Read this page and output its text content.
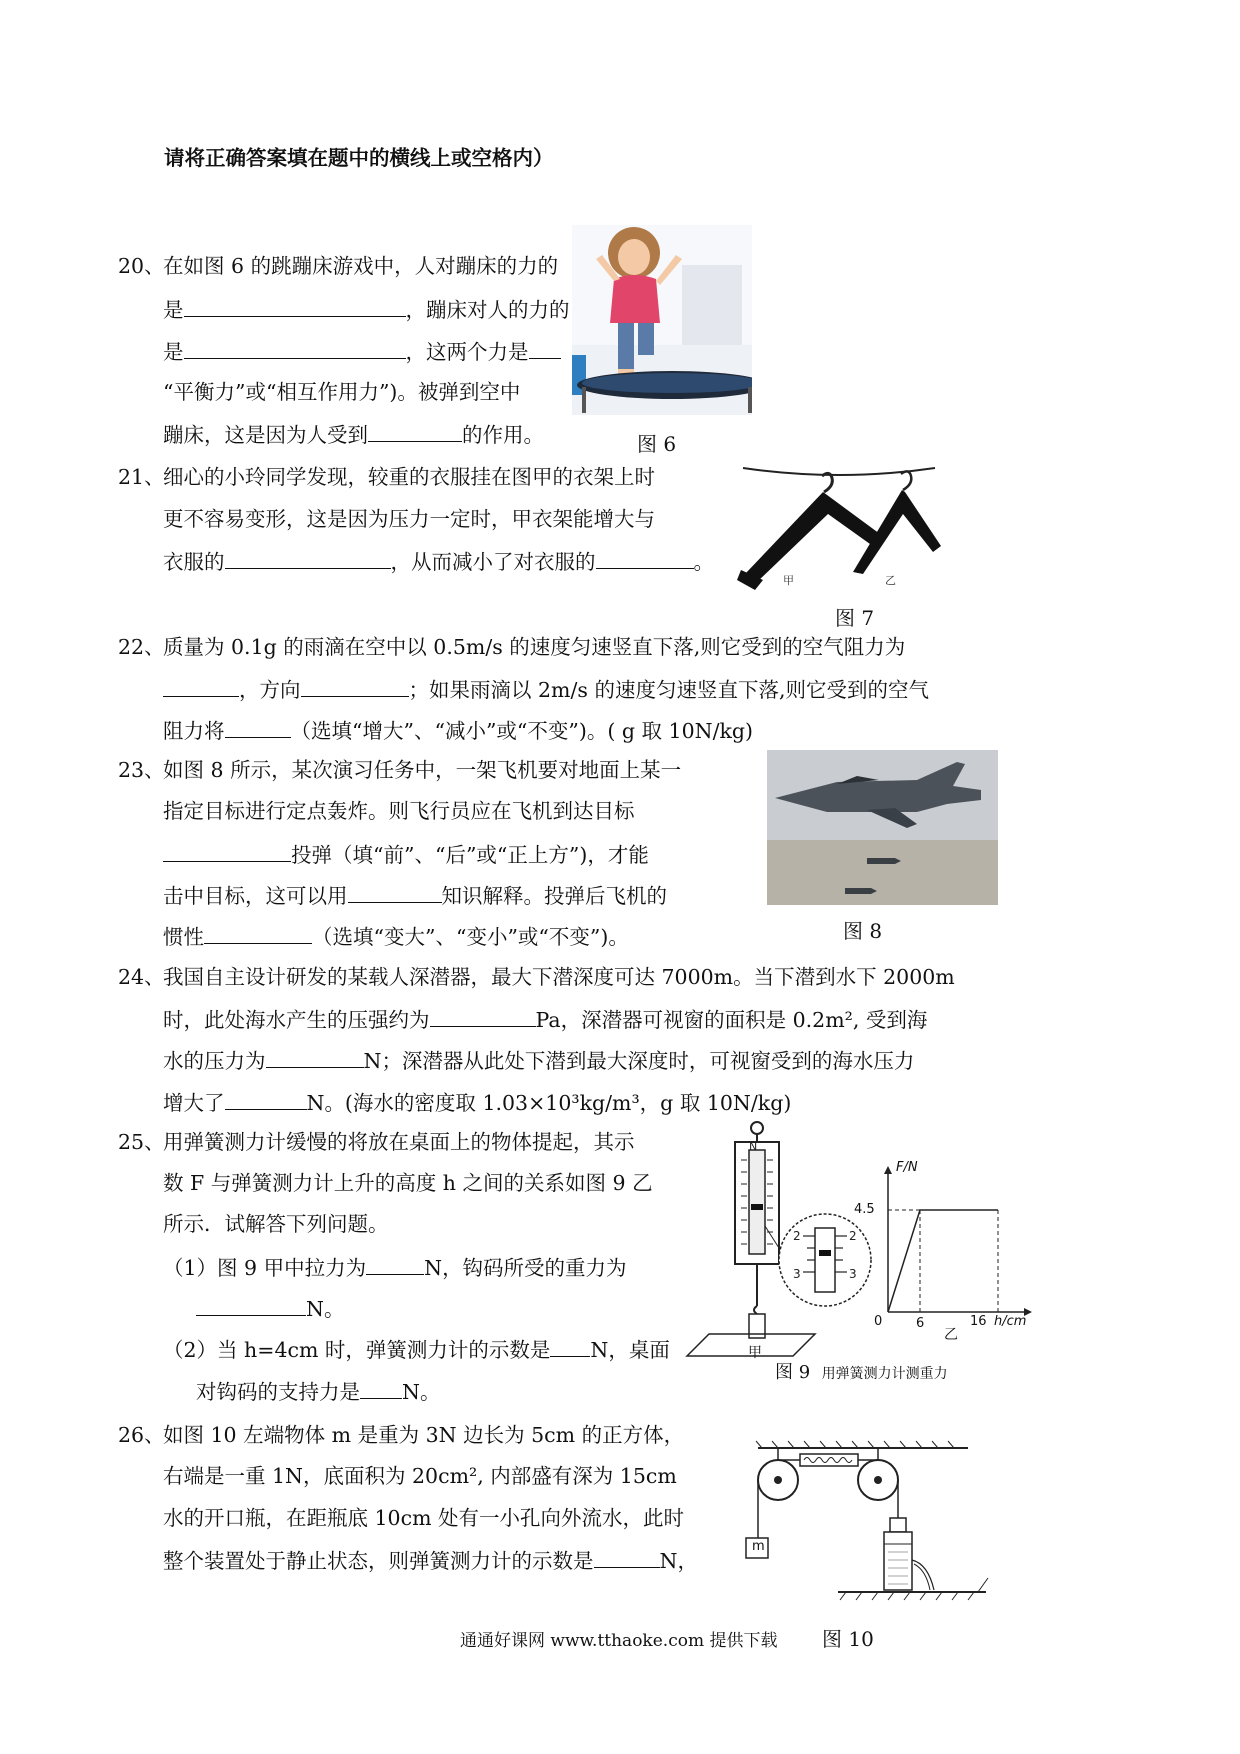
请将正确答案填在题中的横线上或空格内）
20、
在如图 6 的跳蹦床游戏中，人对蹦床的力的
是	，蹦床对人的力的
是	，这两个力是
“平衡力”或“相互作用力”)。被弹到空中
蹦床，这是因为人受到	的作用。	图 6
21、
细心的小玲同学发现，较重的衣服挂在图甲的衣架上时
更不容易变形，这是因为压力一定时，甲衣架能增大与
衣服的	，从而减小了对衣服的	。
甲	乙
图 7
22、
质量为 0.1g 的雨滴在空中以 0.5m/s 的速度匀速竖直下落,则它受到的空气阻力为
，方向	；如果雨滴以 2m/s 的速度匀速竖直下落,则它受到的空气
阻力将	（选填“增大”、“减小”或“不变”)。( g 取 10N/kg)
23、
如图 8 所示，某次演习任务中，一架飞机要对地面上某一
指定目标进行定点轰炸。则飞行员应在飞机到达目标
投弹（填“前”、“后”或“正上方”)，才能
击中目标，这可以用	知识解释。投弹后飞机的
惯性	（选填“变大”、“变小”或“不变”)。	图 8
24、
我国自主设计研发的某载人深潜器，最大下潜深度可达 7000m。当下潜到水下 2000m
时，此处海水产生的压强约为	Pa，深潜器可视窗的面积是 0.2m², 受到海
水的压力为	N；深潜器从此处下潜到最大深度时，可视窗受到的海水压力
增大了	N。(海水的密度取 1.03×10³kg/m³，g 取 10N/kg)
25、
用弹簧测力计缓慢的将放在桌面上的物体提起，其示
数 F 与弹簧测力计上升的高度 h 之间的关系如图 9 乙
所示．试解答下列问题。
（1）图 9 甲中拉力为	N，钩码所受的重力为
N。
（2）当 h=4cm 时，弹簧测力计的示数是 N，桌面
对钩码的支持力是 N。
N
2	2
3	3
甲
F/N
4.5
0	6	16 h/cm
乙
图 9 用弹簧测力计测重力
26、
如图 10 左端物体 m 是重为 3N 边长为 5cm 的正方体，
右端是一重 1N，底面积为 20cm², 内部盛有深为 15cm
水的开口瓶，在距瓶底 10cm 处有一小孔向外流水，此时
整个装置处于静止状态，则弹簧测力计的示数是	N，
m
通通好课网 www.tthaoke.com 提供下载 图 10
